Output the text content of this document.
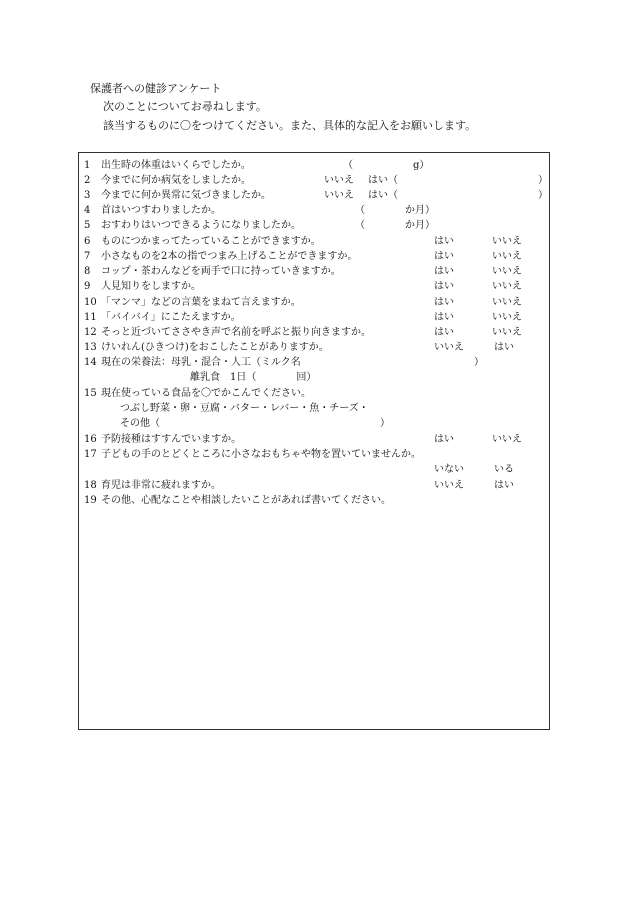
保護者への健診アンケート
次のことについてお尋ねします。
該当するものに〇をつけてください。また、具体的な記入をお願いします。
1	出生時の体重はいくらでしたか。	（　　　　　　g）
2	今までに何か病気をしましたか。	いいえ はい（	）
3	今までに何か異常に気づきましたか。	いいえ はい（	）
4	首はいつすわりましたか。	（　　　　か月）
5	おすわりはいつできるようになりましたか。	（　　　　か月）
6	ものにつかまってたっていることができますか。	はい	いいえ
7	小さなものを2本の指でつまみ上げることができますか。	はい	いいえ
8	コップ・茶わんなどを両手で口に持っていきますか。	はい	いいえ
9	人見知りをしますか。	はい	いいえ
10 「マンマ」などの言葉をまねて言えますか。	はい	いいえ
11 「バイバイ」にこたえますか。	はい	いいえ
12 そっと近づいてささやき声で名前を呼ぶと振り向きますか。	はい	いいえ
13 けいれん(ひきつけ)をおこしたことがありますか。	いいえ	はい
14 現在の栄養法：母乳・混合・人工（ミルク名	）
離乳食　1日（　　　　回）
15 現在使っている食品を〇でかこんでください。
つぶし野菜・卵・豆腐・バター・レバー・魚・チーズ・
その他（	）
16 予防接種はすすんでいますか。	はい	いいえ
17 子どもの手のとどくところに小さなおもちゃや物を置いていませんか。
いない	いる
18 育児は非常に疲れますか。	いいえ	はい
19 その他、心配なことや相談したいことがあれば書いてください。
